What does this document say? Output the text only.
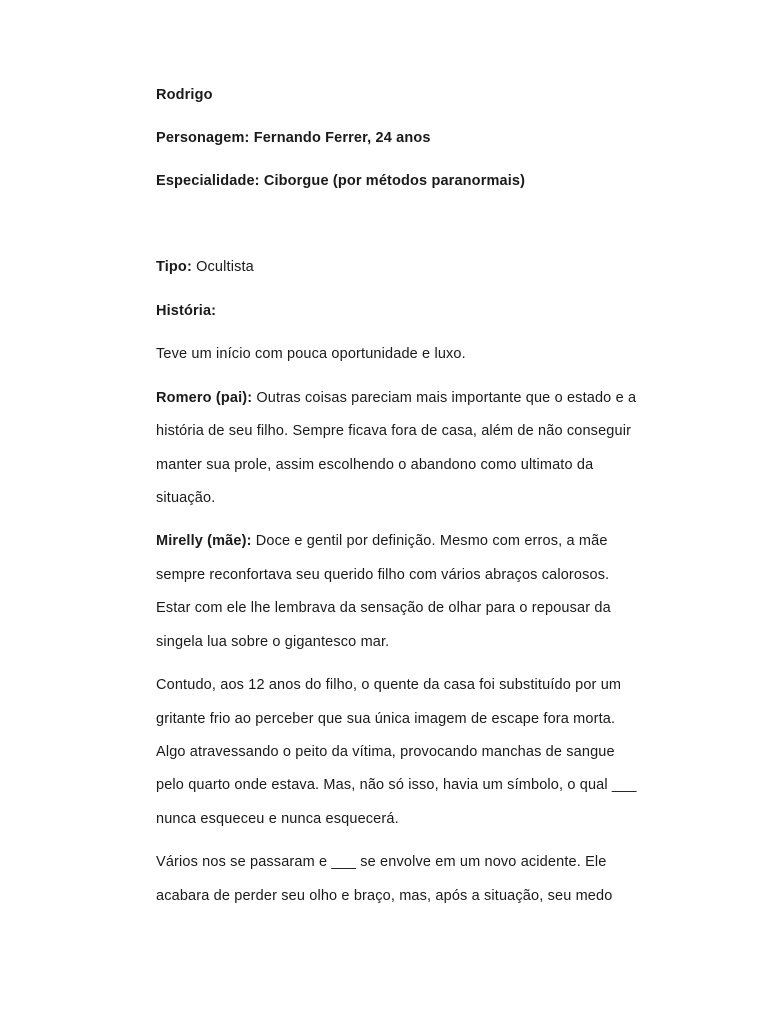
Rodrigo
Personagem: Fernando Ferrer, 24 anos
Especialidade: Ciborgue (por métodos paranormais)
Tipo: Ocultista
História:
Teve um início com pouca oportunidade e luxo.
Romero (pai): Outras coisas pareciam mais importante que o estado e a
história de seu filho. Sempre ficava fora de casa, além de não conseguir
manter sua prole, assim escolhendo o abandono como ultimato da
situação.
Mirelly (mãe): Doce e gentil por definição. Mesmo com erros, a mãe
sempre reconfortava seu querido filho com vários abraços calorosos.
Estar com ele lhe lembrava da sensação de olhar para o repousar da
singela lua sobre o gigantesco mar.
Contudo, aos 12 anos do filho, o quente da casa foi substituído por um
gritante frio ao perceber que sua única imagem de escape fora morta.
Algo atravessando o peito da vítima, provocando manchas de sangue
pelo quarto onde estava. Mas, não só isso, havia um símbolo, o qual ___
nunca esqueceu e nunca esquecerá.
Vários nos se passaram e ___ se envolve em um novo acidente. Ele
acabara de perder seu olho e braço, mas, após a situação, seu medo
